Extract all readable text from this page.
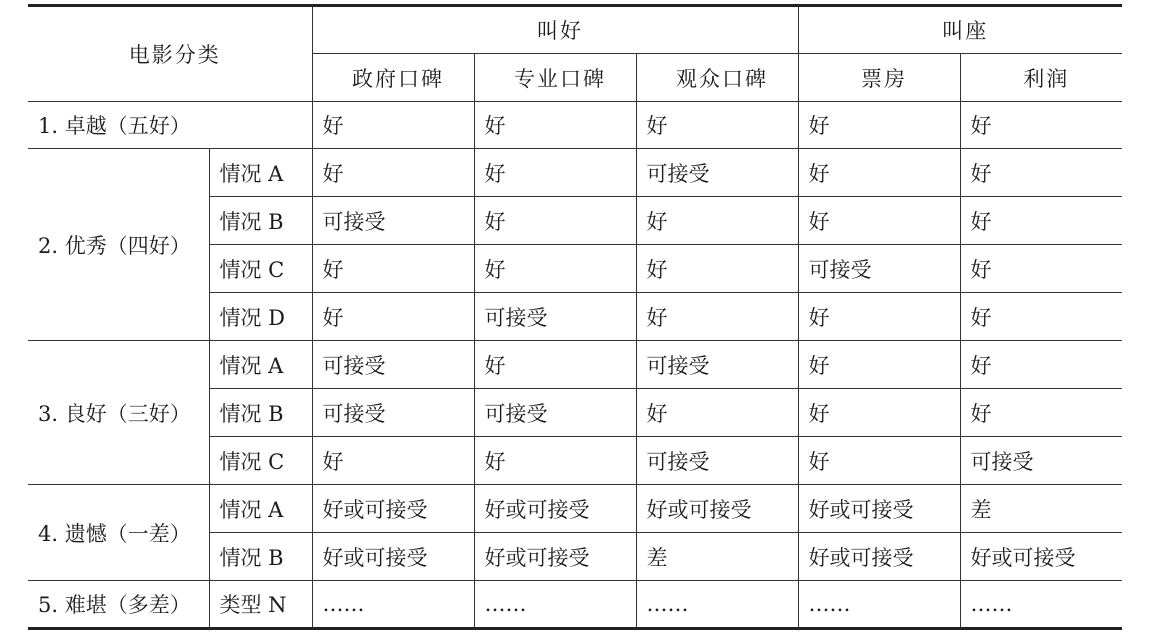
电影分类		叫好			叫座	
		政府口碑	专业口碑	观众口碑	票房	利润
1. 卓越（五好）		好	好	好	好	好
2. 优秀（四好）	情况 A	好	好	可接受	好	好
	情况 B	可接受	好	好	好	好
	情况 C	好	好	好	可接受	好
	情况 D	好	可接受	好	好	好
3. 良好（三好）	情况 A	可接受	好	可接受	好	好
	情况 B	可接受	可接受	好	好	好
	情况 C	好	好	可接受	好	可接受
4. 遗憾（一差）	情况 A	好或可接受	好或可接受	好或可接受	好或可接受	差
	情况 B	好或可接受	好或可接受	差	好或可接受	好或可接受
5. 难堪（多差）	类型 N	……	……	……	……	……
